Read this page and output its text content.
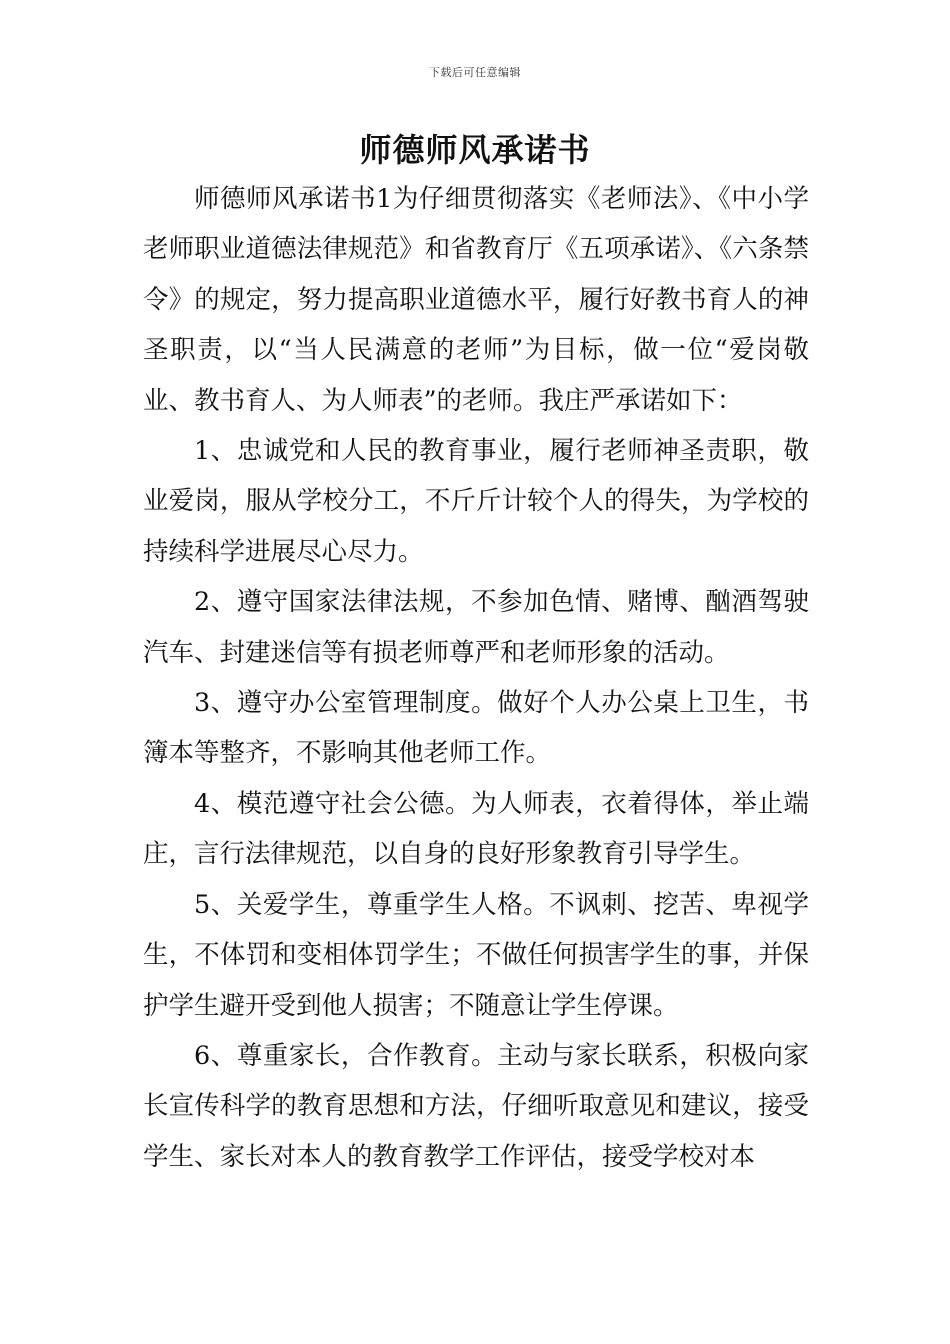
下载后可任意编辑
师德师风承诺书

师德师风承诺书1为仔细贯彻落实《老师法》、《中小学老师职业道德法律规范》和省教育厅《五项承诺》、《六条禁令》的规定，努力提高职业道德水平，履行好教书育人的神圣职责，以“当人民满意的老师”为目标，做一位“爱岗敬业、教书育人、为人师表”的老师。我庄严承诺如下：

1、忠诚党和人民的教育事业，履行老师神圣责职，敬业爱岗，服从学校分工，不斤斤计较个人的得失，为学校的持续科学进展尽心尽力。

2、遵守国家法律法规，不参加色情、赌博、酗酒驾驶汽车、封建迷信等有损老师尊严和老师形象的活动。

3、遵守办公室管理制度。做好个人办公桌上卫生，书簿本等整齐，不影响其他老师工作。

4、模范遵守社会公德。为人师表，衣着得体，举止端庄，言行法律规范，以自身的良好形象教育引导学生。

5、关爱学生，尊重学生人格。不讽刺、挖苦、卑视学生，不体罚和变相体罚学生；不做任何损害学生的事，并保护学生避开受到他人损害；不随意让学生停课。

6、尊重家长，合作教育。主动与家长联系，积极向家长宣传科学的教育思想和方法，仔细听取意见和建议，接受学生、家长对本人的教育教学工作评估，接受学校对本
